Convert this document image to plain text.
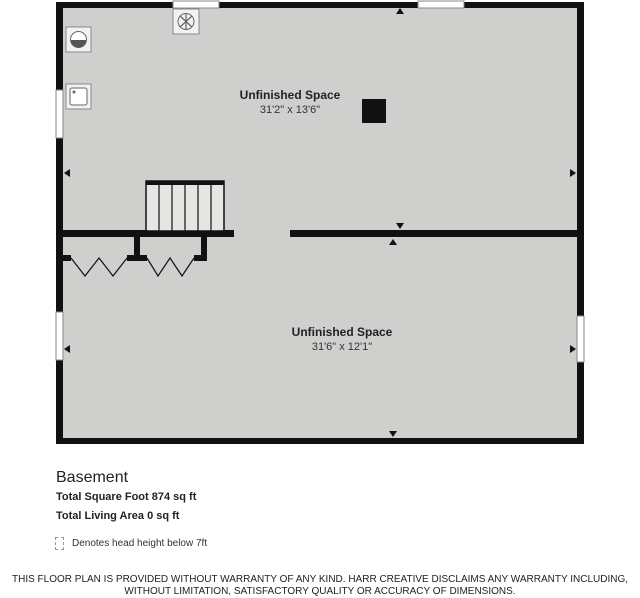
Unfinished Space
31'2" x 13'6"
Unfinished Space
31'6" x 12'1"
Basement
Total Square Foot 874 sq ft
Total Living Area 0 sq ft
Denotes head height below 7ft
THIS FLOOR PLAN IS PROVIDED WITHOUT WARRANTY OF ANY KIND. HARR CREATIVE DISCLAIMS ANY WARRANTY INCLUDING,
WITHOUT LIMITATION, SATISFACTORY QUALITY OR ACCURACY OF DIMENSIONS.
